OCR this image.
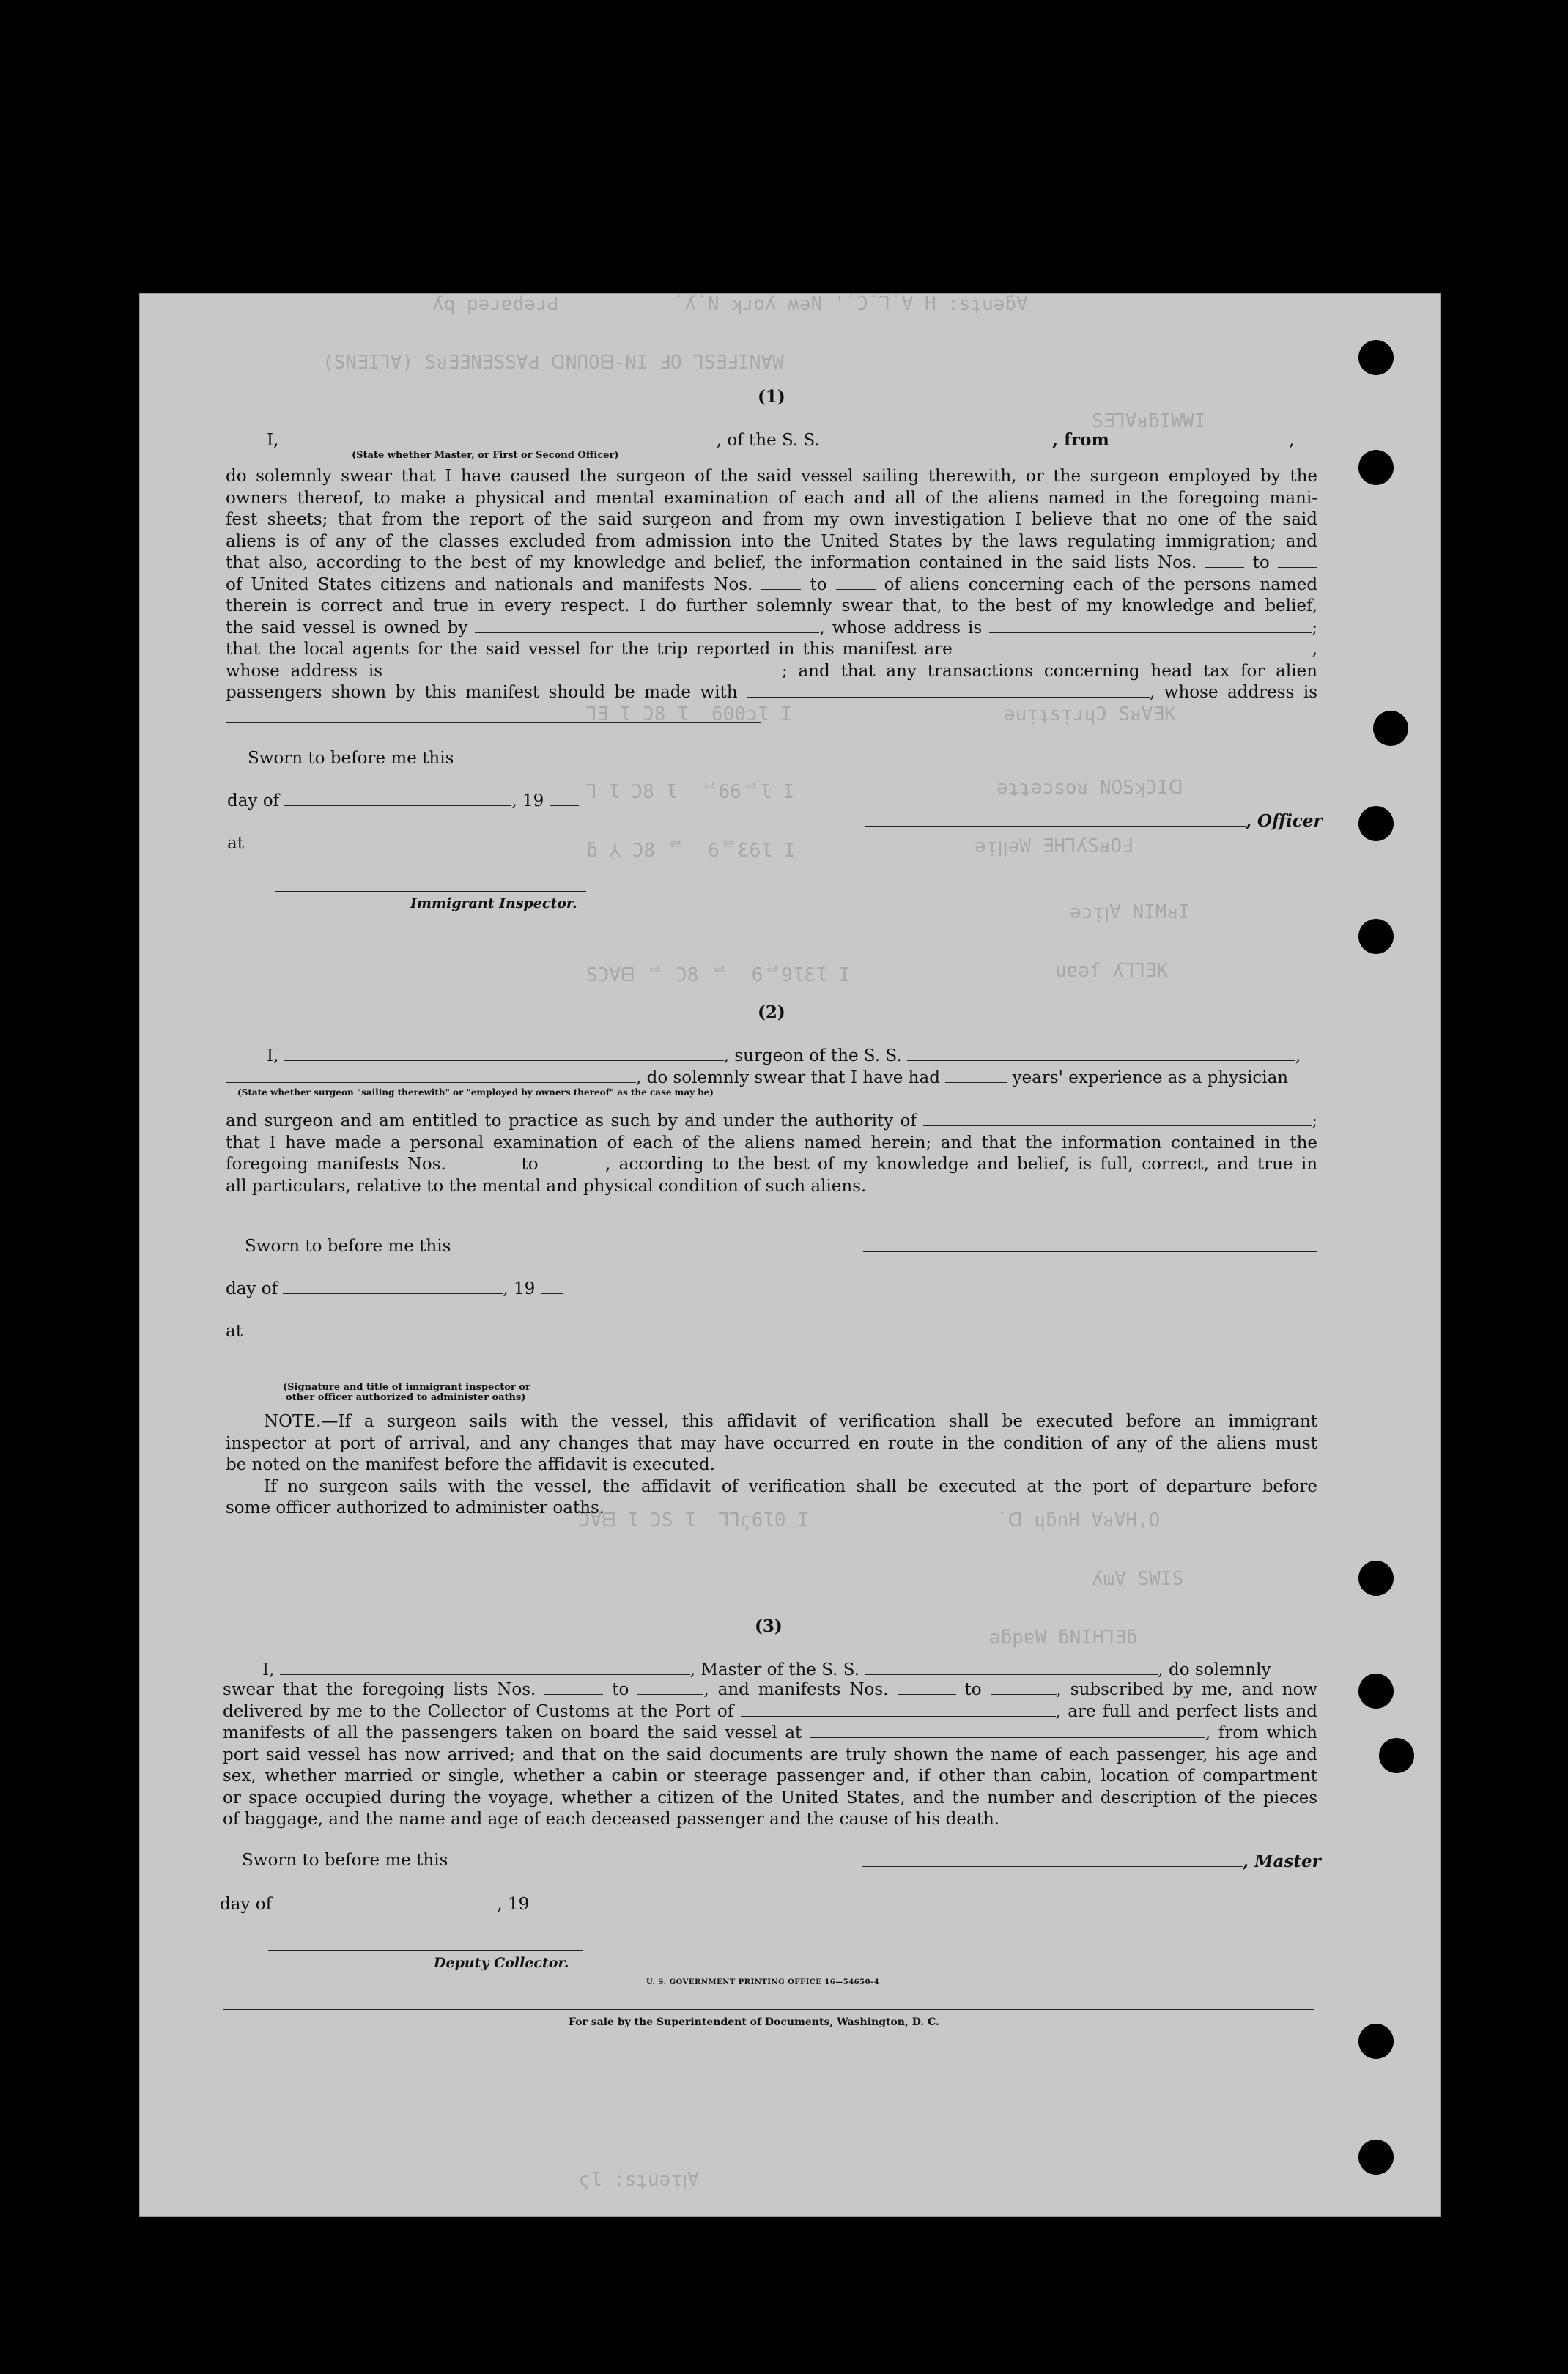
ʎq pǝɹɐdǝɹԀ          ˙ʎ˙N ʞɹoʎ ʍǝN '˙Ɔ˙Ꞁ˙Ɐ H :sʇuǝƃⱯ
(SNƎIꞀⱯ) SᴚƎƎNƎSSⱯԀ ᗡNՈOᗺ-NI ℲO ꞀSƎℲINⱯW
SƎꞀⱯᴚƃIWWI
ǝuᴉʇsᴉɹɥƆ SᴚⱯƎK
ǝʇʇǝɔsoᴚ NOSʞƆIᗡ
ǝᴉꞁꞁǝW ƎHꞀʎSᴚOℲ
ǝɔᴉꞁⱯ NIMᴚI
uɐǝſ ʎꞀꞀƎK
˙ᗡ ɥƃnH ⱯᴚⱯH,O
ʎɯⱯ SWIS
ǝƃpɐW ƃNIHꞀƎƃ
ꞀƎ Ɩ Ɔ8 Ɩ  600ɔƖ I
Ꞁ Ɩ Ɔ8 Ɩ  ᄅ66ᄅƖ I
ƃ ⅄ Ɔ8 ᄅ  6ᄅƐ6Ɩ I
SƆⱯᗺ ᄅ Ɔ8 ᄅ  6ᄅ9ƖƐƖ I
ƆⱯᗺ Ɩ ƆS Ɩ  ꞀꞀϛ6Ɩ0 I
ϛƖ :sʇuǝᴉꞁⱯ
(1)
I,	, of the S. S.	, from	,
(State whether Master, or First or Second Officer)
do solemnly swear that I have caused the surgeon of the said vessel sailing therewith, or the surgeon employed by the
owners thereof, to make a physical and mental examination of each and all of the aliens named in the foregoing mani-
fest sheets; that from the report of the said surgeon and from my own investigation I believe that no one of the said
aliens is of any of the classes excluded from admission into the United States by the laws regulating immigration; and
that also, according to the best of my knowledge and belief, the information contained in the said lists Nos.	to
of United States citizens and nationals and manifests Nos.	to	of aliens concerning each of the persons named
therein is correct and true in every respect. I do further solemnly swear that, to the best of my knowledge and belief,
the said vessel is owned by	, whose address is	;
that the local agents for the said vessel for the trip reported in this manifest are	,
whose address is	; and that any transactions concerning head tax for alien
passengers shown by this manifest should be made with	, whose address is
Sworn to before me this
day of	, 19
, Officer
at
Immigrant Inspector.
(2)
I,	, surgeon of the S. S.	,
, do solemnly swear that I have had	years' experience as a physician
(State whether surgeon "sailing therewith" or "employed by owners thereof" as the case may be)
and surgeon and am entitled to practice as such by and under the authority of	;
that I have made a personal examination of each of the aliens named herein; and that the information contained in the
foregoing manifests Nos.	to	, according to the best of my knowledge and belief, is full, correct, and true in
all particulars, relative to the mental and physical condition of such aliens.
Sworn to before me this
day of	, 19
at
(Signature and title of immigrant inspector or
other officer authorized to administer oaths)
NOTE.—If a surgeon sails with the vessel, this affidavit of verification shall be executed before an immigrant
inspector at port of arrival, and any changes that may have occurred en route in the condition of any of the aliens must
be noted on the manifest before the affidavit is executed.
If no surgeon sails with the vessel, the affidavit of verification shall be executed at the port of departure before
some officer authorized to administer oaths.
(3)
I,	, Master of the S. S.	, do solemnly
swear that the foregoing lists Nos.	to	, and manifests Nos.	to	, subscribed by me, and now
delivered by me to the Collector of Customs at the Port of	, are full and perfect lists and
manifests of all the passengers taken on board the said vessel at	, from which
port said vessel has now arrived; and that on the said documents are truly shown the name of each passenger, his age and
sex, whether married or single, whether a cabin or steerage passenger and, if other than cabin, location of compartment
or space occupied during the voyage, whether a citizen of the United States, and the number and description of the pieces
of baggage, and the name and age of each deceased passenger and the cause of his death.
Sworn to before me this	, Master
day of	, 19
Deputy Collector.
U. S. GOVERNMENT PRINTING OFFICE 16—54650-4
For sale by the Superintendent of Documents, Washington, D. C.
